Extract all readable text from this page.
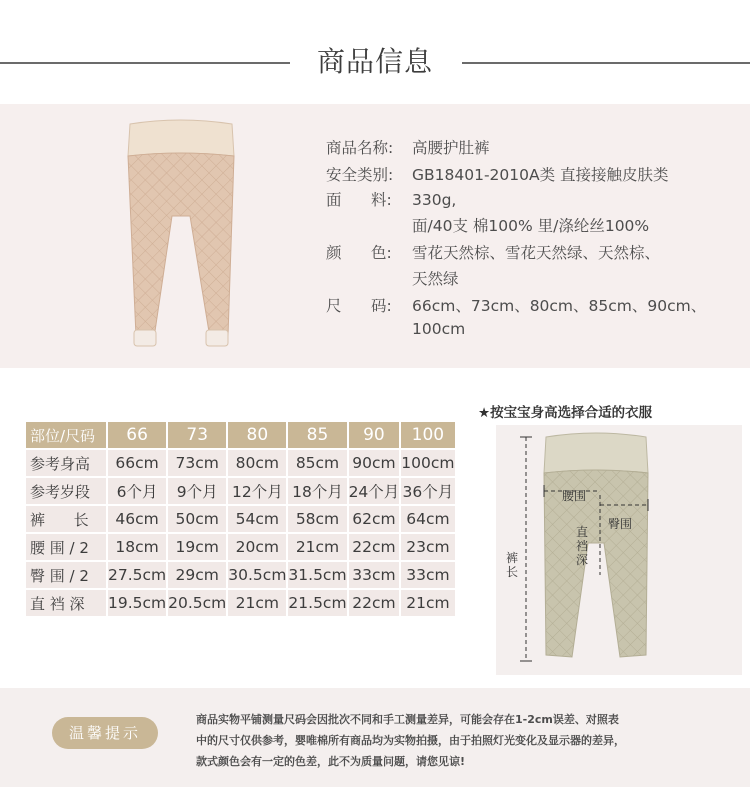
商品信息
商品名称: 高腰护肚裤
安全类别: GB18401-2010A类 直接接触皮肤类
面      料: 330g,
面/40支 棉100% 里/涤纶丝100%
颜      色: 雪花天然棕、雪花天然绿、天然棕、
天然绿
尺      码: 66cm、73cm、80cm、85cm、90cm、
100cm
部位/尺码	66	73	80	85	90	100
参考身高	66cm	73cm	80cm	85cm	90cm	100cm
参考岁段	6个月	9个月	12个月	18个月	24个月	36个月
裤      长	46cm	50cm	54cm	58cm	62cm	64cm
腰 围 / 2	18cm	19cm	20cm	21cm	22cm	23cm
臀 围 / 2	27.5cm	29cm	30.5cm	31.5cm	33cm	33cm
直 裆 深	19.5cm	20.5cm	21cm	21.5cm	22cm	21cm
★按宝宝身高选择合适的衣服
腰围
臀围
直裆深
裤长
温馨提示
商品实物平铺测量尺码会因批次不同和手工测量差异，可能会存在1-2cm误差、对照表
中的尺寸仅供参考，婴唯棉所有商品均为实物拍摄，由于拍照灯光变化及显示器的差异，
款式颜色会有一定的色差，此不为质量问题，请您见谅!
